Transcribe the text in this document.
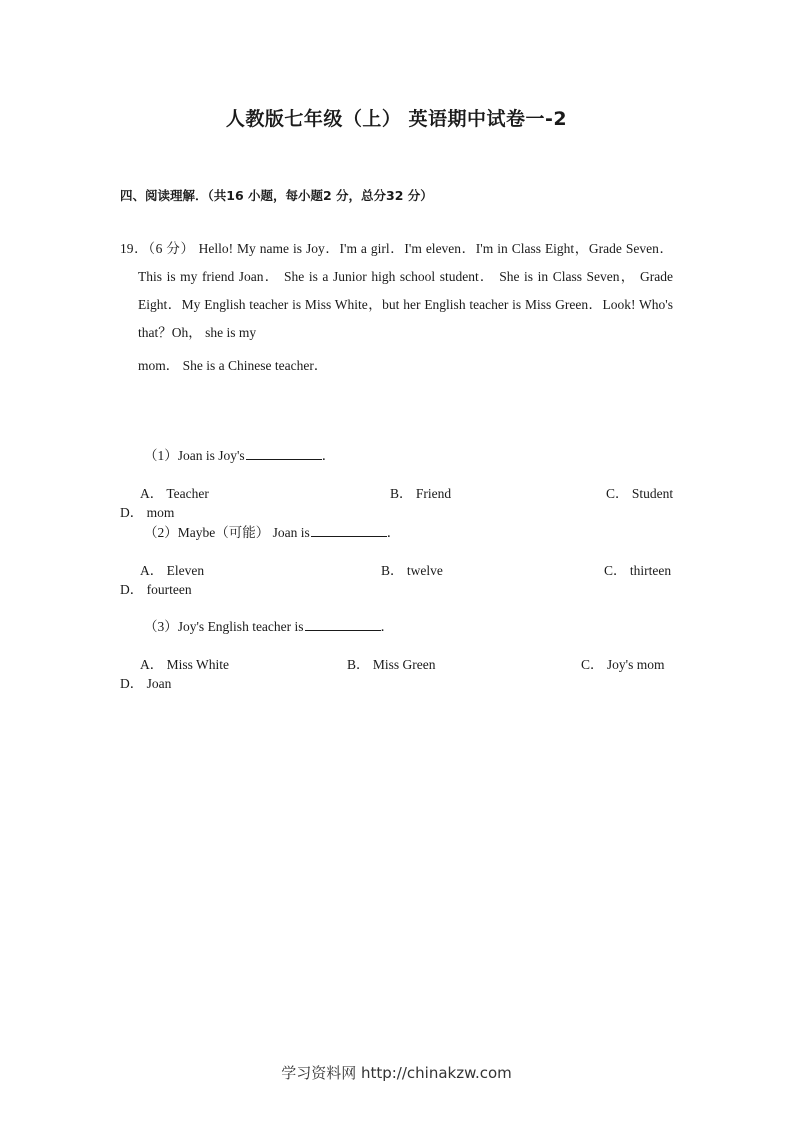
人教版七年级（上） 英语期中试卷一-2
四、阅读理解．（共16 小题，每小题2 分，总分32 分）
19．（6 分） Hello! My name is Joy．I'm a girl．I'm eleven．I'm in Class Eight，Grade Seven．This is my friend Joan． She is a Junior high school student． She is in Class Seven， Grade Eight．My English teacher is Miss White，but her English teacher is Miss Green．Look! Who's that？Oh， she is my
mom． She is a Chinese teacher．
（1）Joan is Joy's	．
A． Teacher	B． Friend	C． Student
D． mom
（2）Maybe（可能） Joan is	．
A． Eleven	B． twelve	C． thirteen
D． fourteen
（3）Joy's English teacher is	．
A． Miss White	B． Miss Green	C． Joy's mom
D． Joan
学习资料网 http://chinakzw.com
